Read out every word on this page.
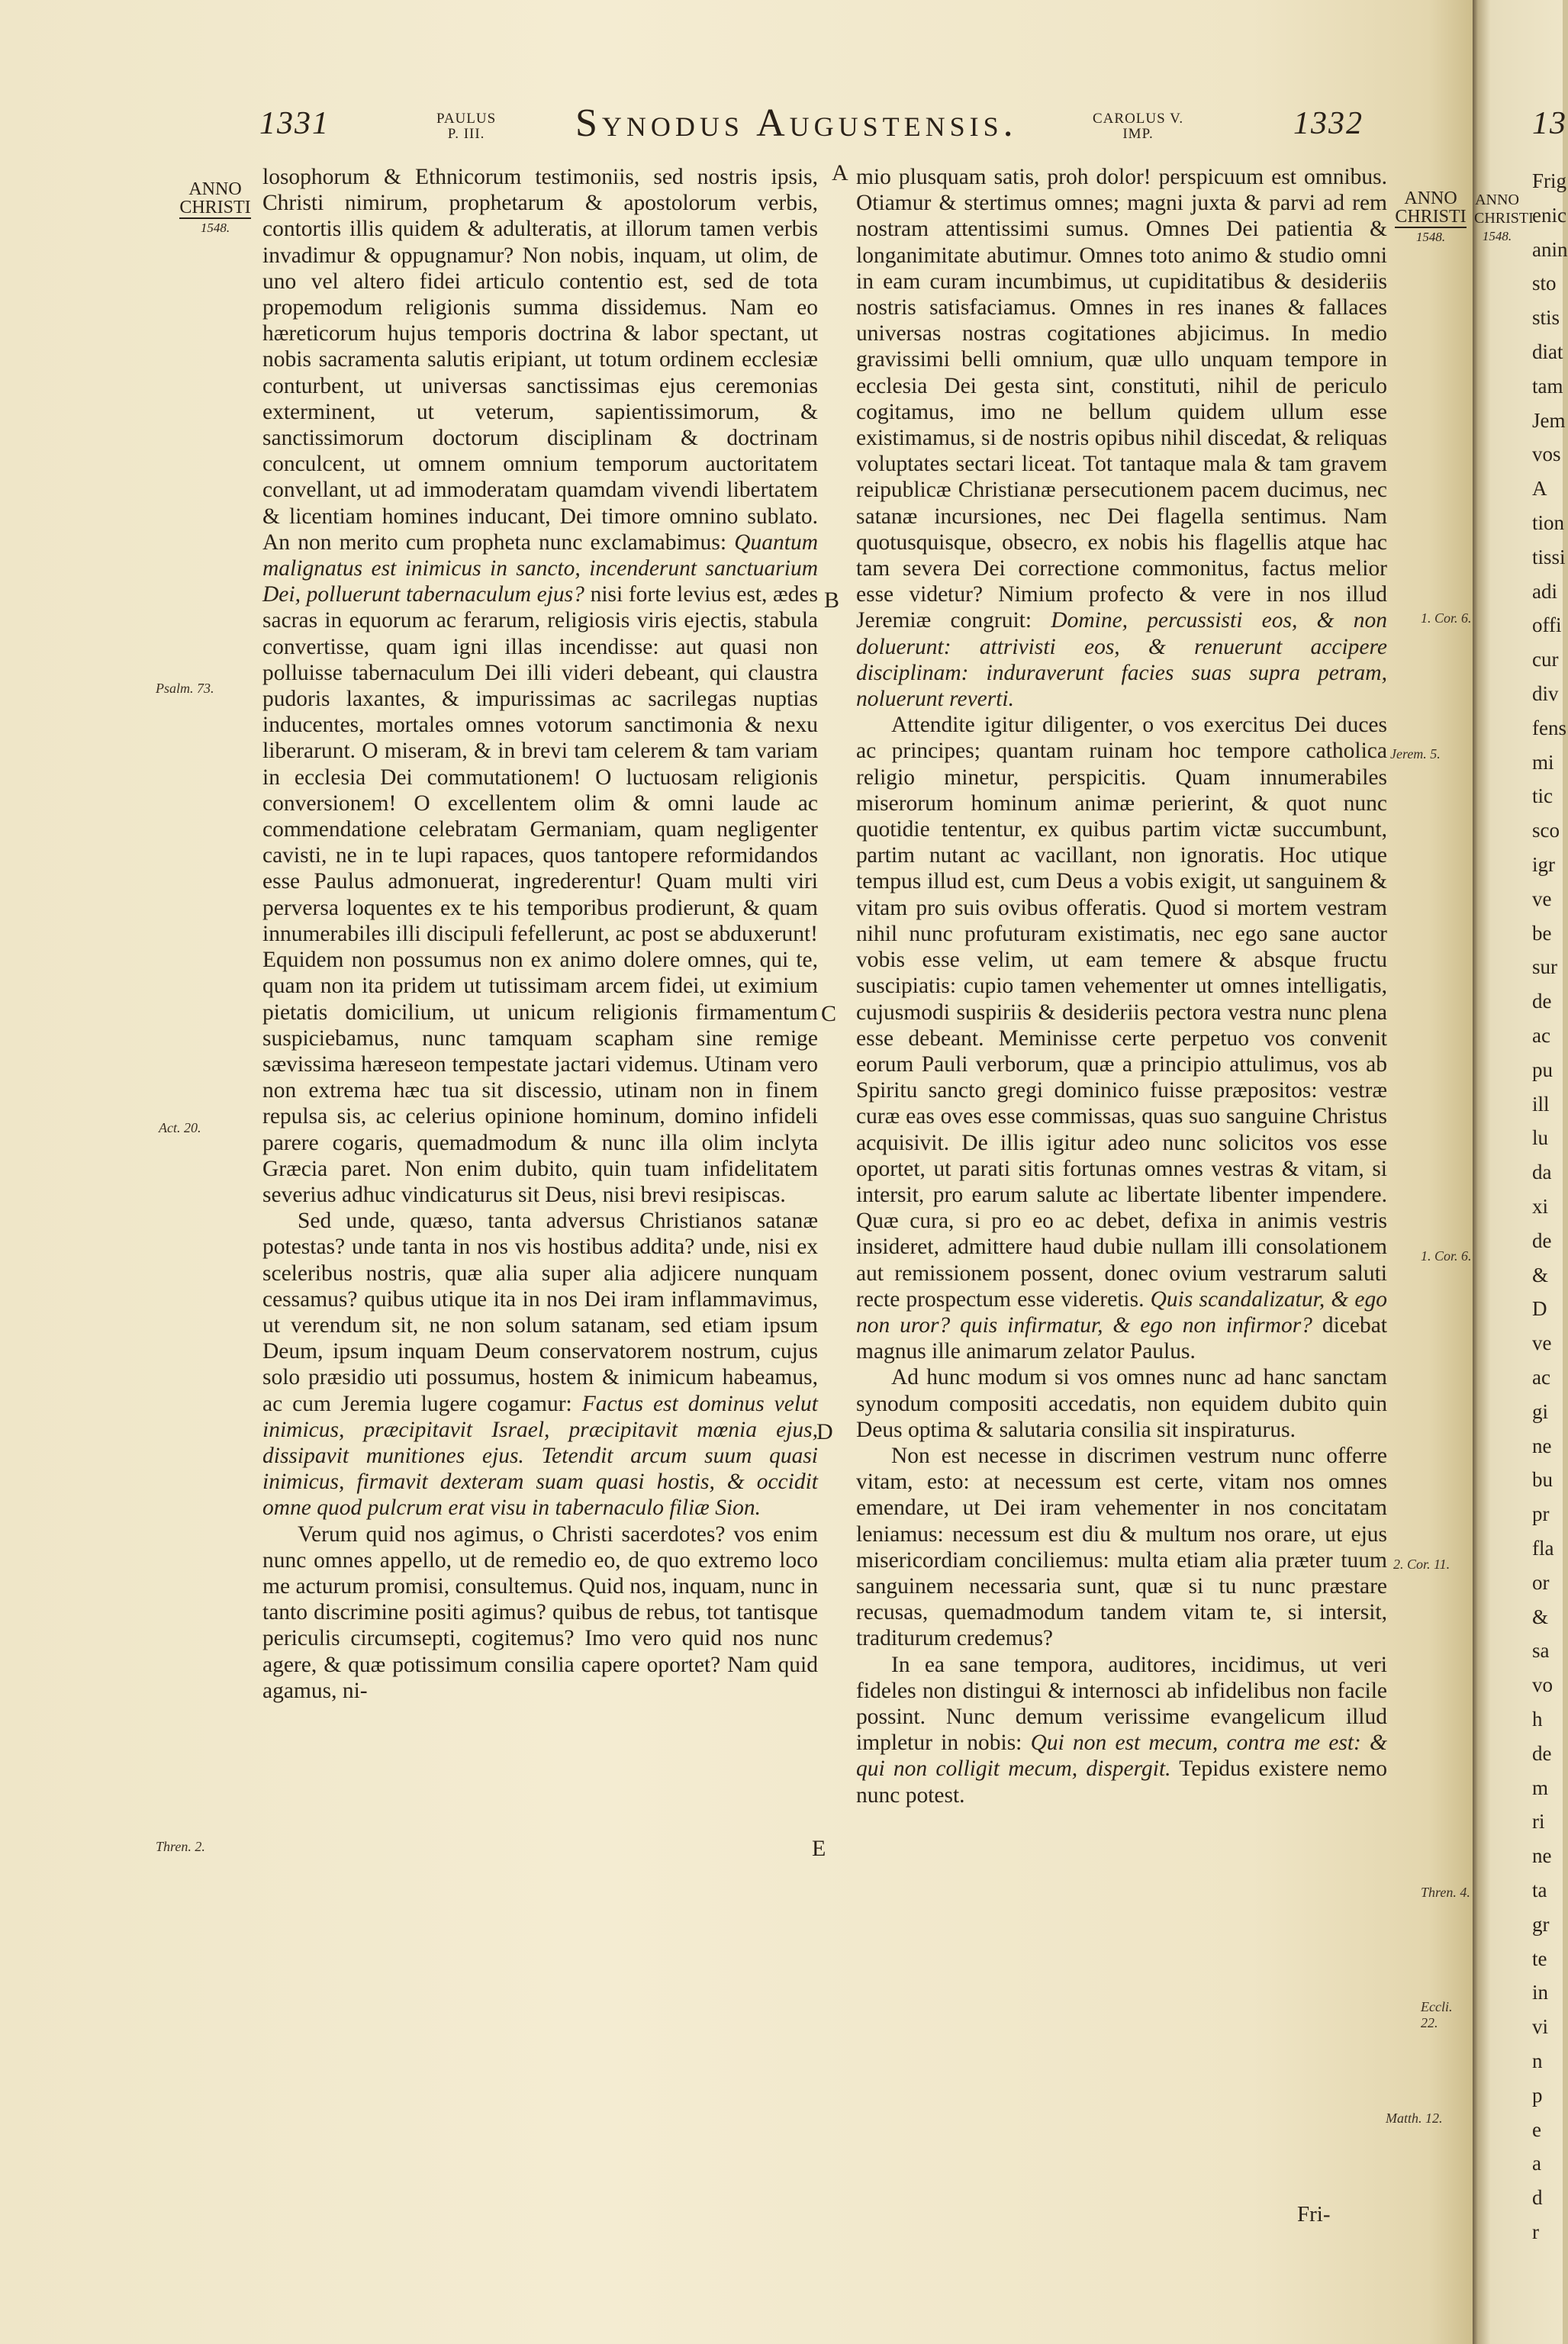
1331	PAULUS
P. III. Synodus Augustensis.	CAROLUS V.
IMP.	1332
ANNO
CHRISTI
1548.
ANNO
CHRISTI
1548.
Psalm. 73.
Act. 20.
Thren. 2.
A
B
C
D
E
1. Cor. 6.
Jerem. 5.
1. Cor. 6.
2. Cor. 11.
Thren. 4.
Eccli. 22.
Matth. 12.

losophorum & Ethnicorum testimoniis, sed nostris ipsis, Christi nimirum, prophetarum & apostolorum verbis, contortis illis quidem & adulteratis, at illorum tamen verbis invadimur & oppugnamur? Non nobis, inquam, ut olim, de uno vel altero fidei articulo contentio est, sed de tota propemodum religionis summa dissidemus. Nam eo hæreticorum hujus temporis doctrina & labor spectant, ut nobis sacramenta salutis eripiant, ut totum ordinem ecclesiæ conturbent, ut universas sanctissimas ejus ceremonias exterminent, ut veterum, sapientissimorum, & sanctissimorum doctorum disciplinam & doctrinam conculcent, ut omnem omnium temporum auctoritatem convellant, ut ad immoderatam quamdam vivendi libertatem & licentiam homines inducant, Dei timore omnino sublato. An non merito cum propheta nunc exclamabimus: Quantum malignatus est inimicus in sancto, incenderunt sanctuarium Dei, polluerunt tabernaculum ejus? nisi forte levius est, ædes sacras in equorum ac ferarum, religiosis viris ejectis, stabula convertisse, quam igni illas incendisse: aut quasi non polluisse tabernaculum Dei illi videri debeant, qui claustra pudoris laxantes, & impurissimas ac sacrilegas nuptias inducentes, mortales omnes votorum sanctimonia & nexu liberarunt. O miseram, & in brevi tam celerem & tam variam in ecclesia Dei commutationem! O luctuosam religionis conversionem! O excellentem olim & omni laude ac commendatione celebratam Germaniam, quam negligenter cavisti, ne in te lupi rapaces, quos tantopere reformidandos esse Paulus admonuerat, ingrederentur! Quam multi viri perversa loquentes ex te his temporibus prodierunt, & quam innumerabiles illi discipuli fefellerunt, ac post se abduxerunt! Equidem non possumus non ex animo dolere omnes, qui te, quam non ita pridem ut tutissimam arcem fidei, ut eximium pietatis domicilium, ut unicum religionis firmamentum suspiciebamus, nunc tamquam scapham sine remige sævissima hæreseon tempestate jactari videmus. Utinam vero non extrema hæc tua sit discessio, utinam non in finem repulsa sis, ac celerius opinione hominum, domino infideli parere cogaris, quemadmodum & nunc illa olim inclyta Græcia paret. Non enim dubito, quin tuam infidelitatem severius adhuc vindicaturus sit Deus, nisi brevi resipiscas.

Sed unde, quæso, tanta adversus Christianos satanæ potestas? unde tanta in nos vis hostibus addita? unde, nisi ex sceleribus nostris, quæ alia super alia adjicere nunquam cessamus? quibus utique ita in nos Dei iram inflammavimus, ut verendum sit, ne non solum satanam, sed etiam ipsum Deum, ipsum inquam Deum conservatorem nostrum, cujus solo præsidio uti possumus, hostem & inimicum habeamus, ac cum Jeremia lugere cogamur: Factus est dominus velut inimicus, præcipitavit Israel, præcipitavit mœnia ejus, dissipavit munitiones ejus. Tetendit arcum suum quasi inimicus, firmavit dexteram suam quasi hostis, & occidit omne quod pulcrum erat visu in tabernaculo filiæ Sion.

Verum quid nos agimus, o Christi sacerdotes? vos enim nunc omnes appello, ut de remedio eo, de quo extremo loco me acturum promisi, consultemus. Quid nos, inquam, nunc in tanto discrimine positi agimus? quibus de rebus, tot tantisque periculis circumsepti, cogitemus? Imo vero quid nos nunc agere, & quæ potissimum consilia capere oportet? Nam quid agamus, ni-

mio plusquam satis, proh dolor! perspicuum est omnibus. Otiamur & stertimus omnes; magni juxta & parvi ad rem nostram attentissimi sumus. Omnes Dei patientia & longanimitate abutimur. Omnes toto animo & studio omni in eam curam incumbimus, ut cupiditatibus & desideriis nostris satisfaciamus. Omnes in res inanes & fallaces universas nostras cogitationes abjicimus. In medio gravissimi belli omnium, quæ ullo unquam tempore in ecclesia Dei gesta sint, constituti, nihil de periculo cogitamus, imo ne bellum quidem ullum esse existimamus, si de nostris opibus nihil discedat, & reliquas voluptates sectari liceat. Tot tantaque mala & tam gravem reipublicæ Christianæ persecutionem pacem ducimus, nec satanæ incursiones, nec Dei flagella sentimus. Nam quotusquisque, obsecro, ex nobis his flagellis atque hac tam severa Dei correctione commonitus, factus melior esse videtur? Nimium profecto & vere in nos illud Jeremiæ congruit: Domine, percussisti eos, & non doluerunt: attrivisti eos, & renuerunt accipere disciplinam: induraverunt facies suas supra petram, noluerunt reverti.

Attendite igitur diligenter, o vos exercitus Dei duces ac principes; quantam ruinam hoc tempore catholica religio minetur, perspicitis. Quam innumerabiles miserorum hominum animæ perierint, & quot nunc quotidie tententur, ex quibus partim victæ succumbunt, partim nutant ac vacillant, non ignoratis. Hoc utique tempus illud est, cum Deus a vobis exigit, ut sanguinem & vitam pro suis ovibus offeratis. Quod si mortem vestram nihil nunc profuturam existimatis, nec ego sane auctor vobis esse velim, ut eam temere & absque fructu suscipiatis: cupio tamen vehementer ut omnes intelligatis, cujusmodi suspiriis & desideriis pectora vestra nunc plena esse debeant. Meminisse certe perpetuo vos convenit eorum Pauli verborum, quæ a principio attulimus, vos ab Spiritu sancto gregi dominico fuisse præpositos: vestræ curæ eas oves esse commissas, quas suo sanguine Christus acquisivit. De illis igitur adeo nunc solicitos vos esse oportet, ut parati sitis fortunas omnes vestras & vitam, si intersit, pro earum salute ac libertate libenter impendere. Quæ cura, si pro eo ac debet, defixa in animis vestris insideret, admittere haud dubie nullam illi consolationem aut remissionem possent, donec ovium vestrarum saluti recte prospectum esse videretis. Quis scandalizatur, & ego non uror? quis infirmatur, & ego non infirmor? dicebat magnus ille animarum zelator Paulus.

Ad hunc modum si vos omnes nunc ad hanc sanctam synodum compositi accedatis, non equidem dubito quin Deus optima & salutaria consilia sit inspiraturus.

Non est necesse in discrimen vestrum nunc offerre vitam, esto: at necessum est certe, vitam nos omnes emendare, ut Dei iram vehementer in nos concitatam leniamus: necessum est diu & multum nos orare, ut ejus misericordiam conciliemus: multa etiam alia præter tuum sanguinem necessaria sunt, quæ si tu nunc præstare recusas, quemadmodum tandem vitam te, si intersit, traditurum credemus?

In ea sane tempora, auditores, incidimus, ut veri fideles non distingui & internosci ab infidelibus non facile possint. Nunc demum verissime evangelicum illud impletur in nobis: Qui non est mecum, contra me est: & qui non colligit mecum, dispergit. Tepidus existere nemo nunc potest.

Fri-
13
ANNO
CHRISTI
1548.
Frig
enic
anin
sto
stis
diat
tam
Jem
vos
A
tion
tissi
adi
offi
cur
div
fens
mi
tic
sco
igr
ve
be
sur
de
ac
pu
ill
lu
da
xi
de
&
D
ve
ac
gi
ne
bu
pr
fla
or
&
sa
vo
h
de
m
ri
ne
ta
gr
te
in
vi
n
p
e
a
d
r
